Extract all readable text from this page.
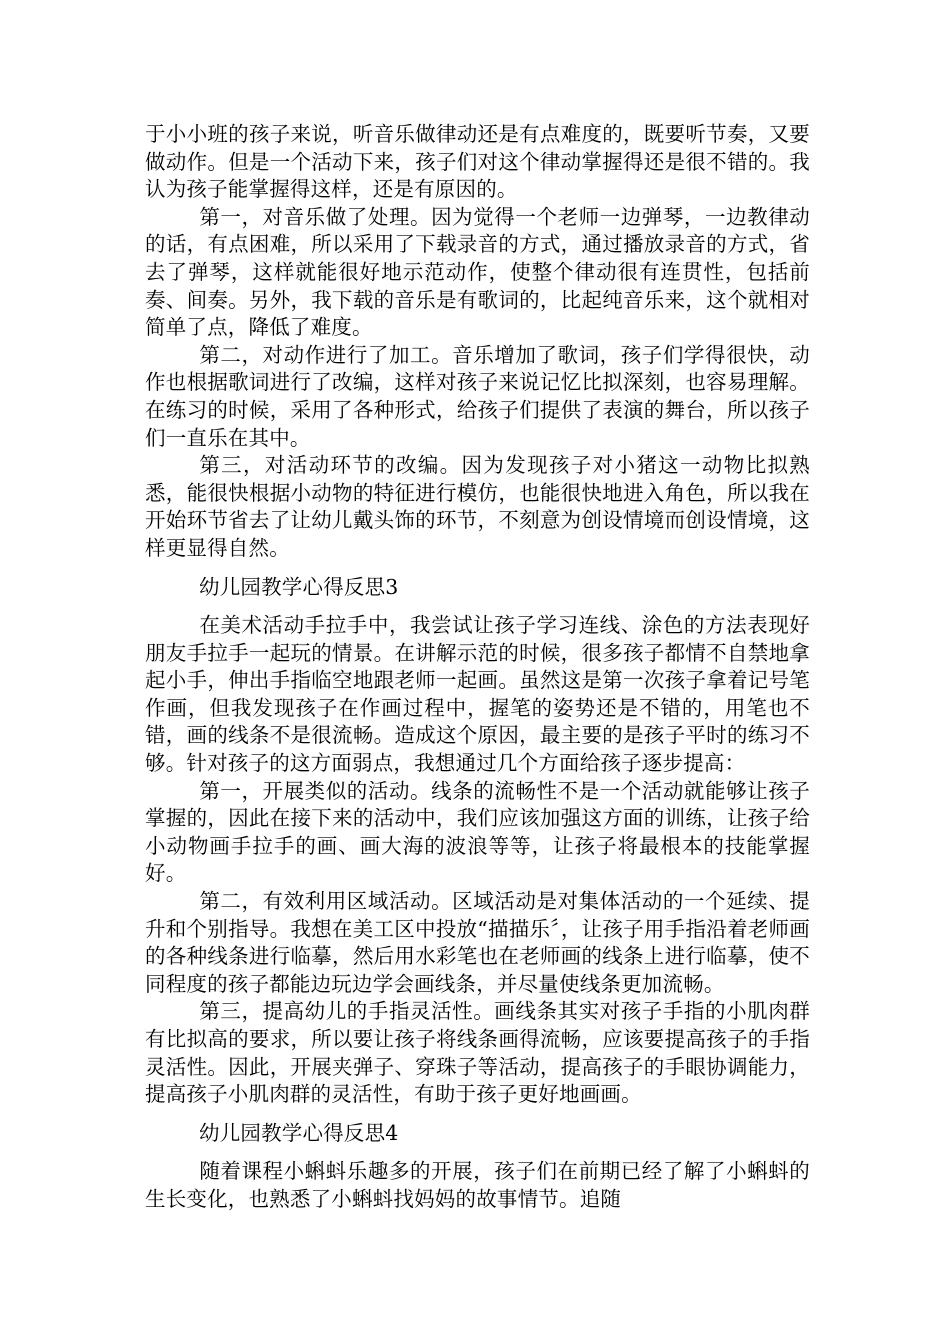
于小小班的孩子来说，听音乐做律动还是有点难度的，既要听节奏，又要做动作。但是一个活动下来，孩子们对这个律动掌握得还是很不错的。我认为孩子能掌握得这样，还是有原因的。

第一，对音乐做了处理。因为觉得一个老师一边弹琴，一边教律动的话，有点困难，所以采用了下载录音的方式，通过播放录音的方式，省去了弹琴，这样就能很好地示范动作，使整个律动很有连贯性，包括前奏、间奏。另外，我下载的音乐是有歌词的，比起纯音乐来，这个就相对简单了点，降低了难度。

第二，对动作进行了加工。音乐增加了歌词，孩子们学得很快，动作也根据歌词进行了改编，这样对孩子来说记忆比拟深刻，也容易理解。在练习的时候，采用了各种形式，给孩子们提供了表演的舞台，所以孩子们一直乐在其中。

第三，对活动环节的改编。因为发现孩子对小猪这一动物比拟熟悉，能很快根据小动物的特征进行模仿，也能很快地进入角色，所以我在开始环节省去了让幼儿戴头饰的环节，不刻意为创设情境而创设情境，这样更显得自然。

幼儿园教学心得反思3

在美术活动手拉手中，我尝试让孩子学习连线、涂色的方法表现好朋友手拉手一起玩的情景。在讲解示范的时候，很多孩子都情不自禁地拿起小手，伸出手指临空地跟老师一起画。虽然这是第一次孩子拿着记号笔作画，但我发现孩子在作画过程中，握笔的姿势还是不错的，用笔也不错，画的线条不是很流畅。造成这个原因，最主要的是孩子平时的练习不够。针对孩子的这方面弱点，我想通过几个方面给孩子逐步提高：

第一，开展类似的活动。线条的流畅性不是一个活动就能够让孩子掌握的，因此在接下来的活动中，我们应该加强这方面的训练，让孩子给小动物画手拉手的画、画大海的波浪等等，让孩子将最根本的技能掌握好。

第二，有效利用区域活动。区域活动是对集体活动的一个延续、提升和个别指导。我想在美工区中投放“描描乐〞，让孩子用手指沿着老师画的各种线条进行临摹，然后用水彩笔也在老师画的线条上进行临摹，使不同程度的孩子都能边玩边学会画线条，并尽量使线条更加流畅。

第三，提高幼儿的手指灵活性。画线条其实对孩子手指的小肌肉群有比拟高的要求，所以要让孩子将线条画得流畅，应该要提高孩子的手指灵活性。因此，开展夹弹子、穿珠子等活动，提高孩子的手眼协调能力，提高孩子小肌肉群的灵活性，有助于孩子更好地画画。

幼儿园教学心得反思4

随着课程小蝌蚪乐趣多的开展，孩子们在前期已经了解了小蝌蚪的生长变化，也熟悉了小蝌蚪找妈妈的故事情节。追随
